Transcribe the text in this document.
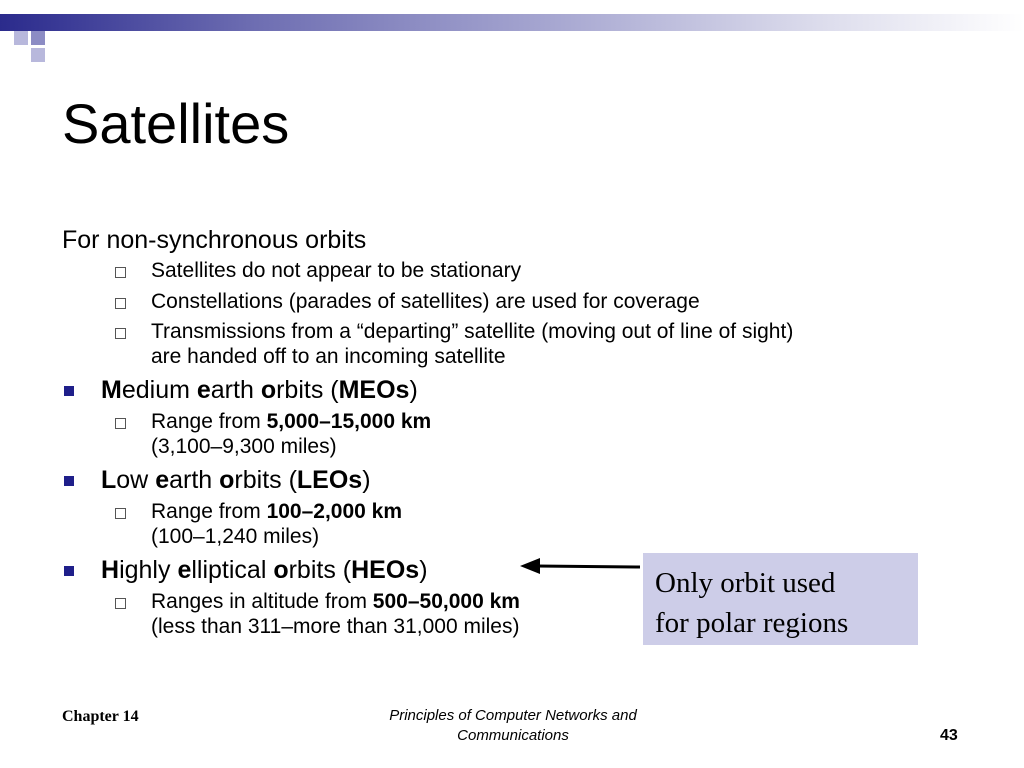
Satellites
For non-synchronous orbits
Satellites do not appear to be stationary
Constellations (parades of satellites) are used for coverage
Transmissions from a “departing” satellite (moving out of line of sight)
are handed off to an incoming satellite
Medium earth orbits (MEOs)
Range from 5,000–15,000 km
(3,100–9,300 miles)
Low earth orbits (LEOs)
Range from 100–2,000 km
(100–1,240 miles)
Highly elliptical orbits (HEOs)
Ranges in altitude from 500–50,000 km
(less than 311–more than 31,000 miles)
Only orbit used
for polar regions
Chapter 14	Principles of Computer Networks and
Communications	43
